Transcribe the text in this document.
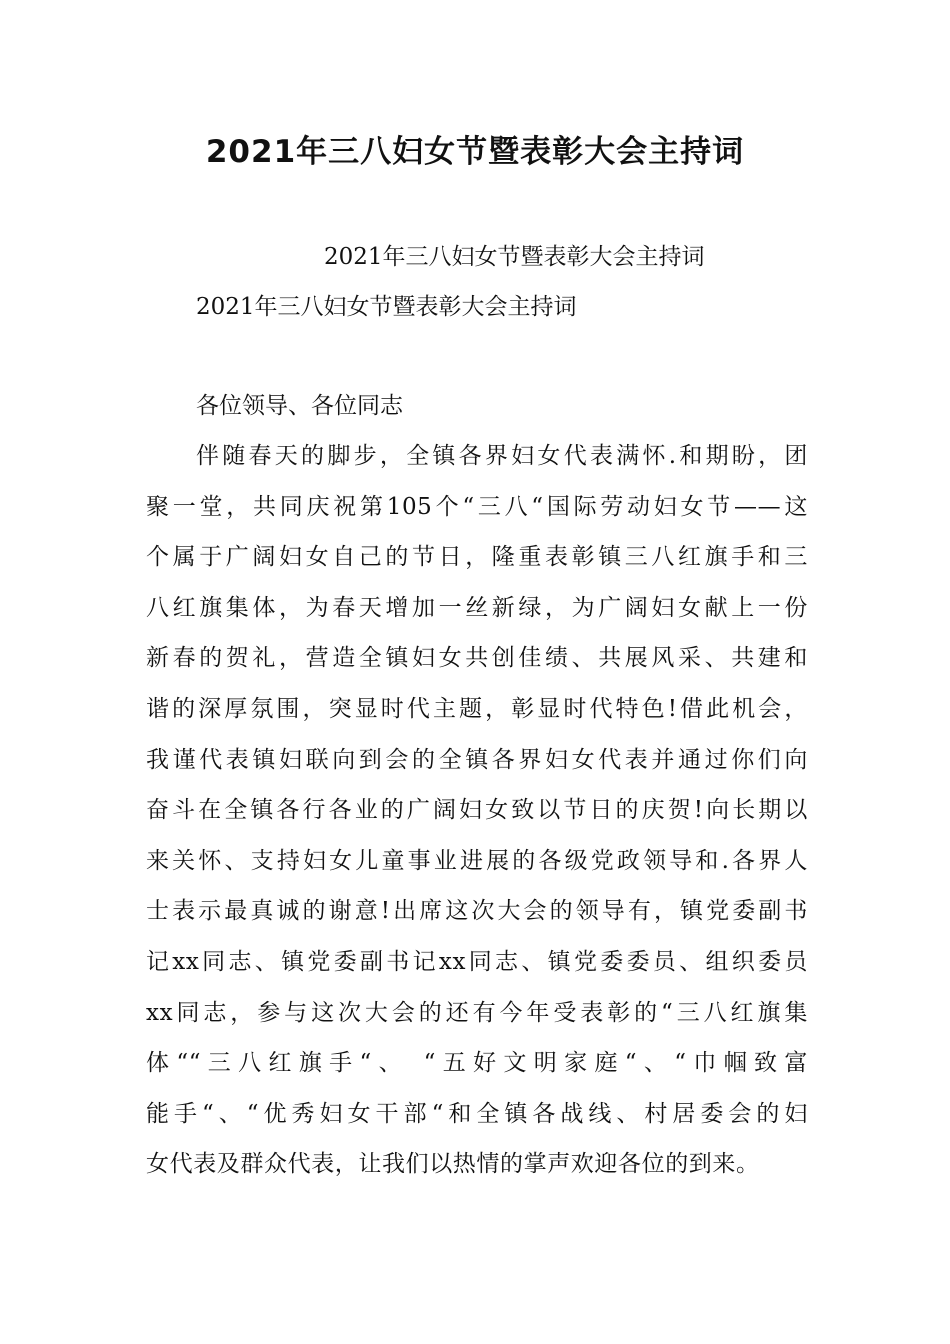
2021年三八妇女节暨表彰大会主持词

2021年三八妇女节暨表彰大会主持词

2021年三八妇女节暨表彰大会主持词

各位领导、各位同志

伴随春天的脚步，全镇各界妇女代表满怀.和期盼，团
聚一堂，共同庆祝第105个“三八“国际劳动妇女节——这
个属于广阔妇女自己的节日，隆重表彰镇三八红旗手和三
八红旗集体，为春天增加一丝新绿，为广阔妇女献上一份
新春的贺礼，营造全镇妇女共创佳绩、共展风采、共建和
谐的深厚氛围，突显时代主题，彰显时代特色!借此机会，
我谨代表镇妇联向到会的全镇各界妇女代表并通过你们向
奋斗在全镇各行各业的广阔妇女致以节日的庆贺!向长期以
来关怀、支持妇女儿童事业进展的各级党政领导和.各界人
士表示最真诚的谢意!出席这次大会的领导有，镇党委副书
记xx同志、镇党委副书记xx同志、镇党委委员、组织委员
xx同志，参与这次大会的还有今年受表彰的“三八红旗集
体““三八红旗手“、 “五好文明家庭“、“巾帼致富
能手“、“优秀妇女干部“和全镇各战线、村居委会的妇
女代表及群众代表，让我们以热情的掌声欢迎各位的到来。
